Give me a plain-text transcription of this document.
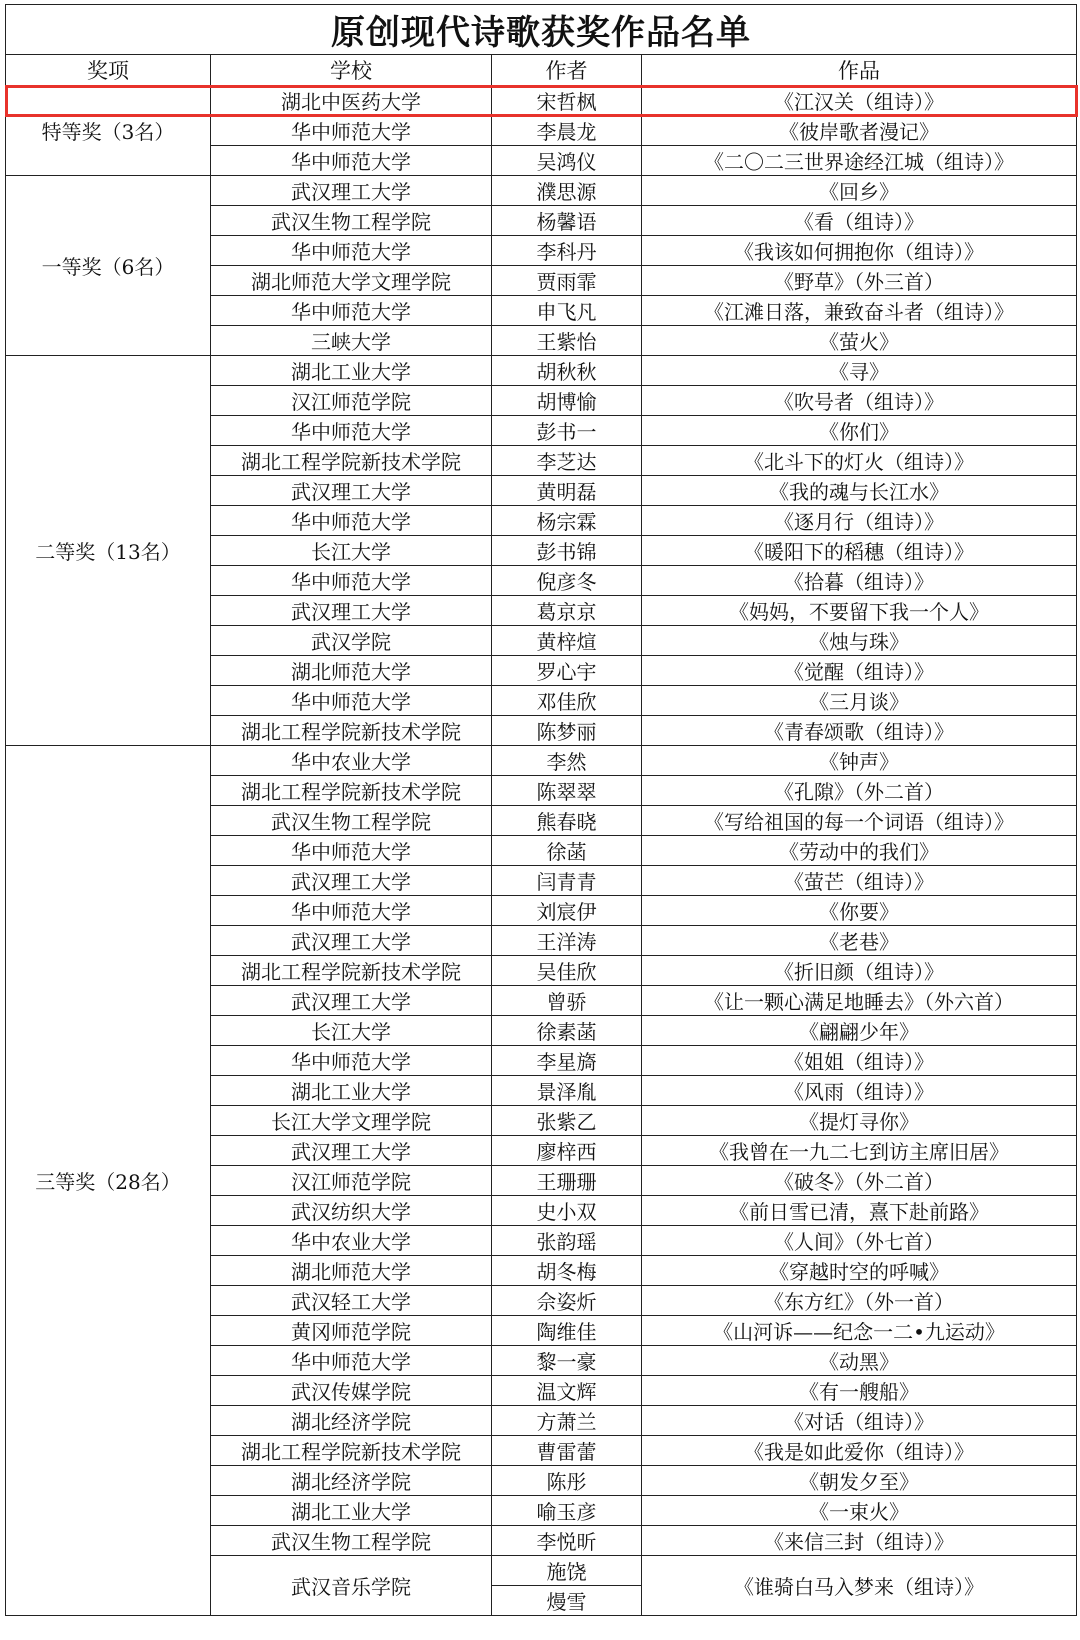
原创现代诗歌获奖作品名单			
奖项	学校	作者	作品
特等奖（3名）	湖北中医药大学	宋哲枫	《江汉关（组诗）》
	华中师范大学	李晨龙	《彼岸歌者漫记》
	华中师范大学	吴鸿仪	《二〇二三世界途经江城（组诗）》
一等奖（6名）	武汉理工大学	濮思源	《回乡》
	武汉生物工程学院	杨馨语	《看（组诗）》
	华中师范大学	李科丹	《我该如何拥抱你（组诗）》
	湖北师范大学文理学院	贾雨霏	《野草》（外三首）
	华中师范大学	申飞凡	《江滩日落，兼致奋斗者（组诗）》
	三峡大学	王紫怡	《萤火》
二等奖（13名）	湖北工业大学	胡秋秋	《寻》
	汉江师范学院	胡博愉	《吹号者（组诗）》
	华中师范大学	彭书一	《你们》
	湖北工程学院新技术学院	李芝达	《北斗下的灯火（组诗）》
	武汉理工大学	黄明磊	《我的魂与长江水》
	华中师范大学	杨宗霖	《逐月行（组诗）》
	长江大学	彭书锦	《暖阳下的稻穗（组诗）》
	华中师范大学	倪彦冬	《拾暮（组诗）》
	武汉理工大学	葛京京	《妈妈，不要留下我一个人》
	武汉学院	黄梓煊	《烛与珠》
	湖北师范大学	罗心宇	《觉醒（组诗）》
	华中师范大学	邓佳欣	《三月谈》
	湖北工程学院新技术学院	陈梦丽	《青春颂歌（组诗）》
三等奖（28名）	华中农业大学	李然	《钟声》
	湖北工程学院新技术学院	陈翠翠	《孔隙》（外二首）
	武汉生物工程学院	熊春晓	《写给祖国的每一个词语（组诗）》
	华中师范大学	徐菡	《劳动中的我们》
	武汉理工大学	闫青青	《萤芒（组诗）》
	华中师范大学	刘宸伊	《你要》
	武汉理工大学	王洋涛	《老巷》
	湖北工程学院新技术学院	吴佳欣	《折旧颜（组诗）》
	武汉理工大学	曾骄	《让一颗心满足地睡去》（外六首）
	长江大学	徐素菡	《翩翩少年》
	华中师范大学	李星旖	《姐姐（组诗）》
	湖北工业大学	景泽胤	《风雨（组诗）》
	长江大学文理学院	张紫乙	《提灯寻你》
	武汉理工大学	廖梓西	《我曾在一九二七到访主席旧居》
	汉江师范学院	王珊珊	《破冬》（外二首）
	武汉纺织大学	史小双	《前日雪已清，熹下赴前路》
	华中农业大学	张韵瑶	《人间》（外七首）
	湖北师范大学	胡冬梅	《穿越时空的呼喊》
	武汉轻工大学	佘姿炘	《东方红》（外一首）
	黄冈师范学院	陶维佳	《山河诉——纪念一二•九运动》
	华中师范大学	黎一豪	《动黑》
	武汉传媒学院	温文辉	《有一艘船》
	湖北经济学院	方萧兰	《对话（组诗）》
	湖北工程学院新技术学院	曹雷蕾	《我是如此爱你（组诗）》
	湖北经济学院	陈彤	《朝发夕至》
	湖北工业大学	喻玉彦	《一束火》
	武汉生物工程学院	李悦昕	《来信三封（组诗）》
	武汉音乐学院	施饶	《谁骑白马入梦来（组诗）》
		熳雪	
